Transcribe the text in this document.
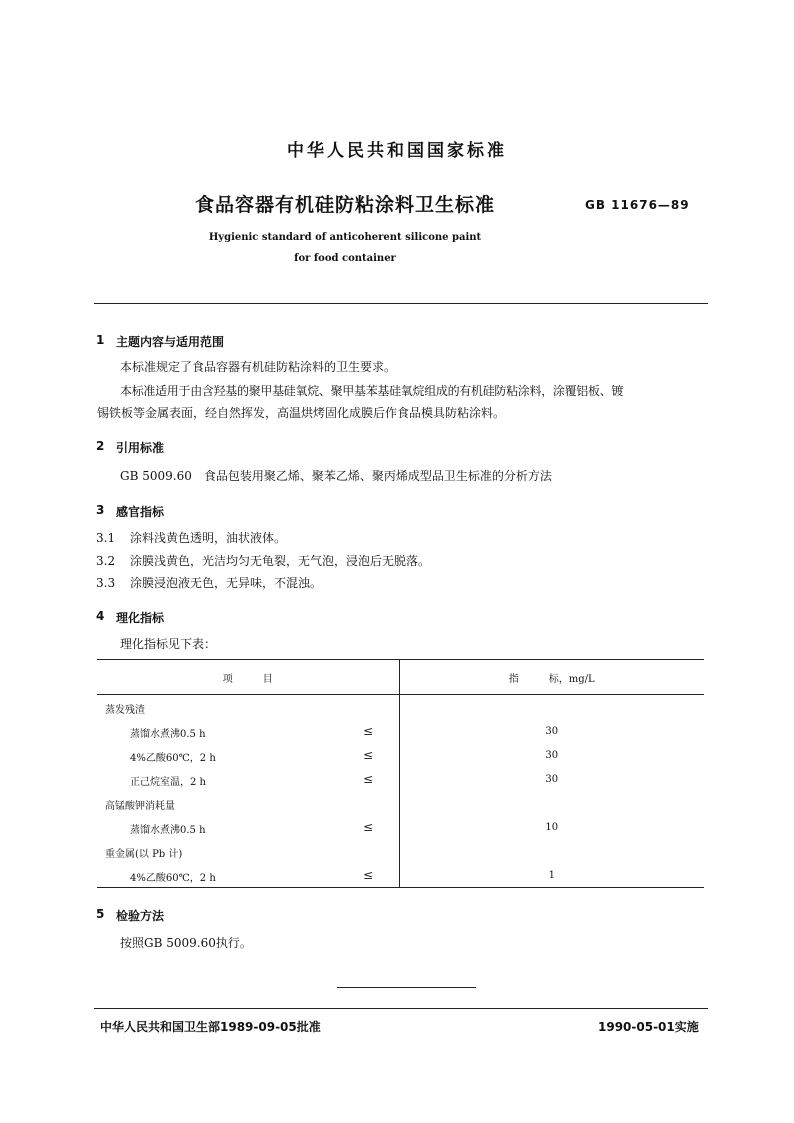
中华人民共和国国家标准
食品容器有机硅防粘涂料卫生标准	GB 11676—89
Hygienic standard of anticoherent silicone paint
for food container
1 主题内容与适用范围
本标准规定了食品容器有机硅防粘涂料的卫生要求。
本标准适用于由含羟基的聚甲基硅氧烷、聚甲基苯基硅氧烷组成的有机硅防粘涂料，涂覆铝板、镀
锡铁板等金属表面，经自然挥发，高温烘烤固化成膜后作食品模具防粘涂料。
2 引用标准
GB 5009.60　食品包装用聚乙烯、聚苯乙烯、聚丙烯成型品卫生标准的分析方法
3 感官指标
3.1 涂料浅黄色透明，油状液体。
3.2 涂膜浅黄色，光洁均匀无龟裂，无气泡，浸泡后无脱落。
3.3 涂膜浸泡液无色，无异味，不混浊。
4 理化指标
理化指标见下表：
项　　　目	指　　　标，mg/L

蒸发残渣	

蒸馏水煮沸0.5 h ≤	30

4%乙酸60℃，2 h ≤	30

正己烷室温，2 h ≤	30

高锰酸钾消耗量	

蒸馏水煮沸0.5 h ≤	10

重金属(以 Pb 计)	

4%乙酸60℃，2 h ≤	1
5 检验方法
按照GB 5009.60执行。
中华人民共和国卫生部1989-09-05批准	1990-05-01实施
